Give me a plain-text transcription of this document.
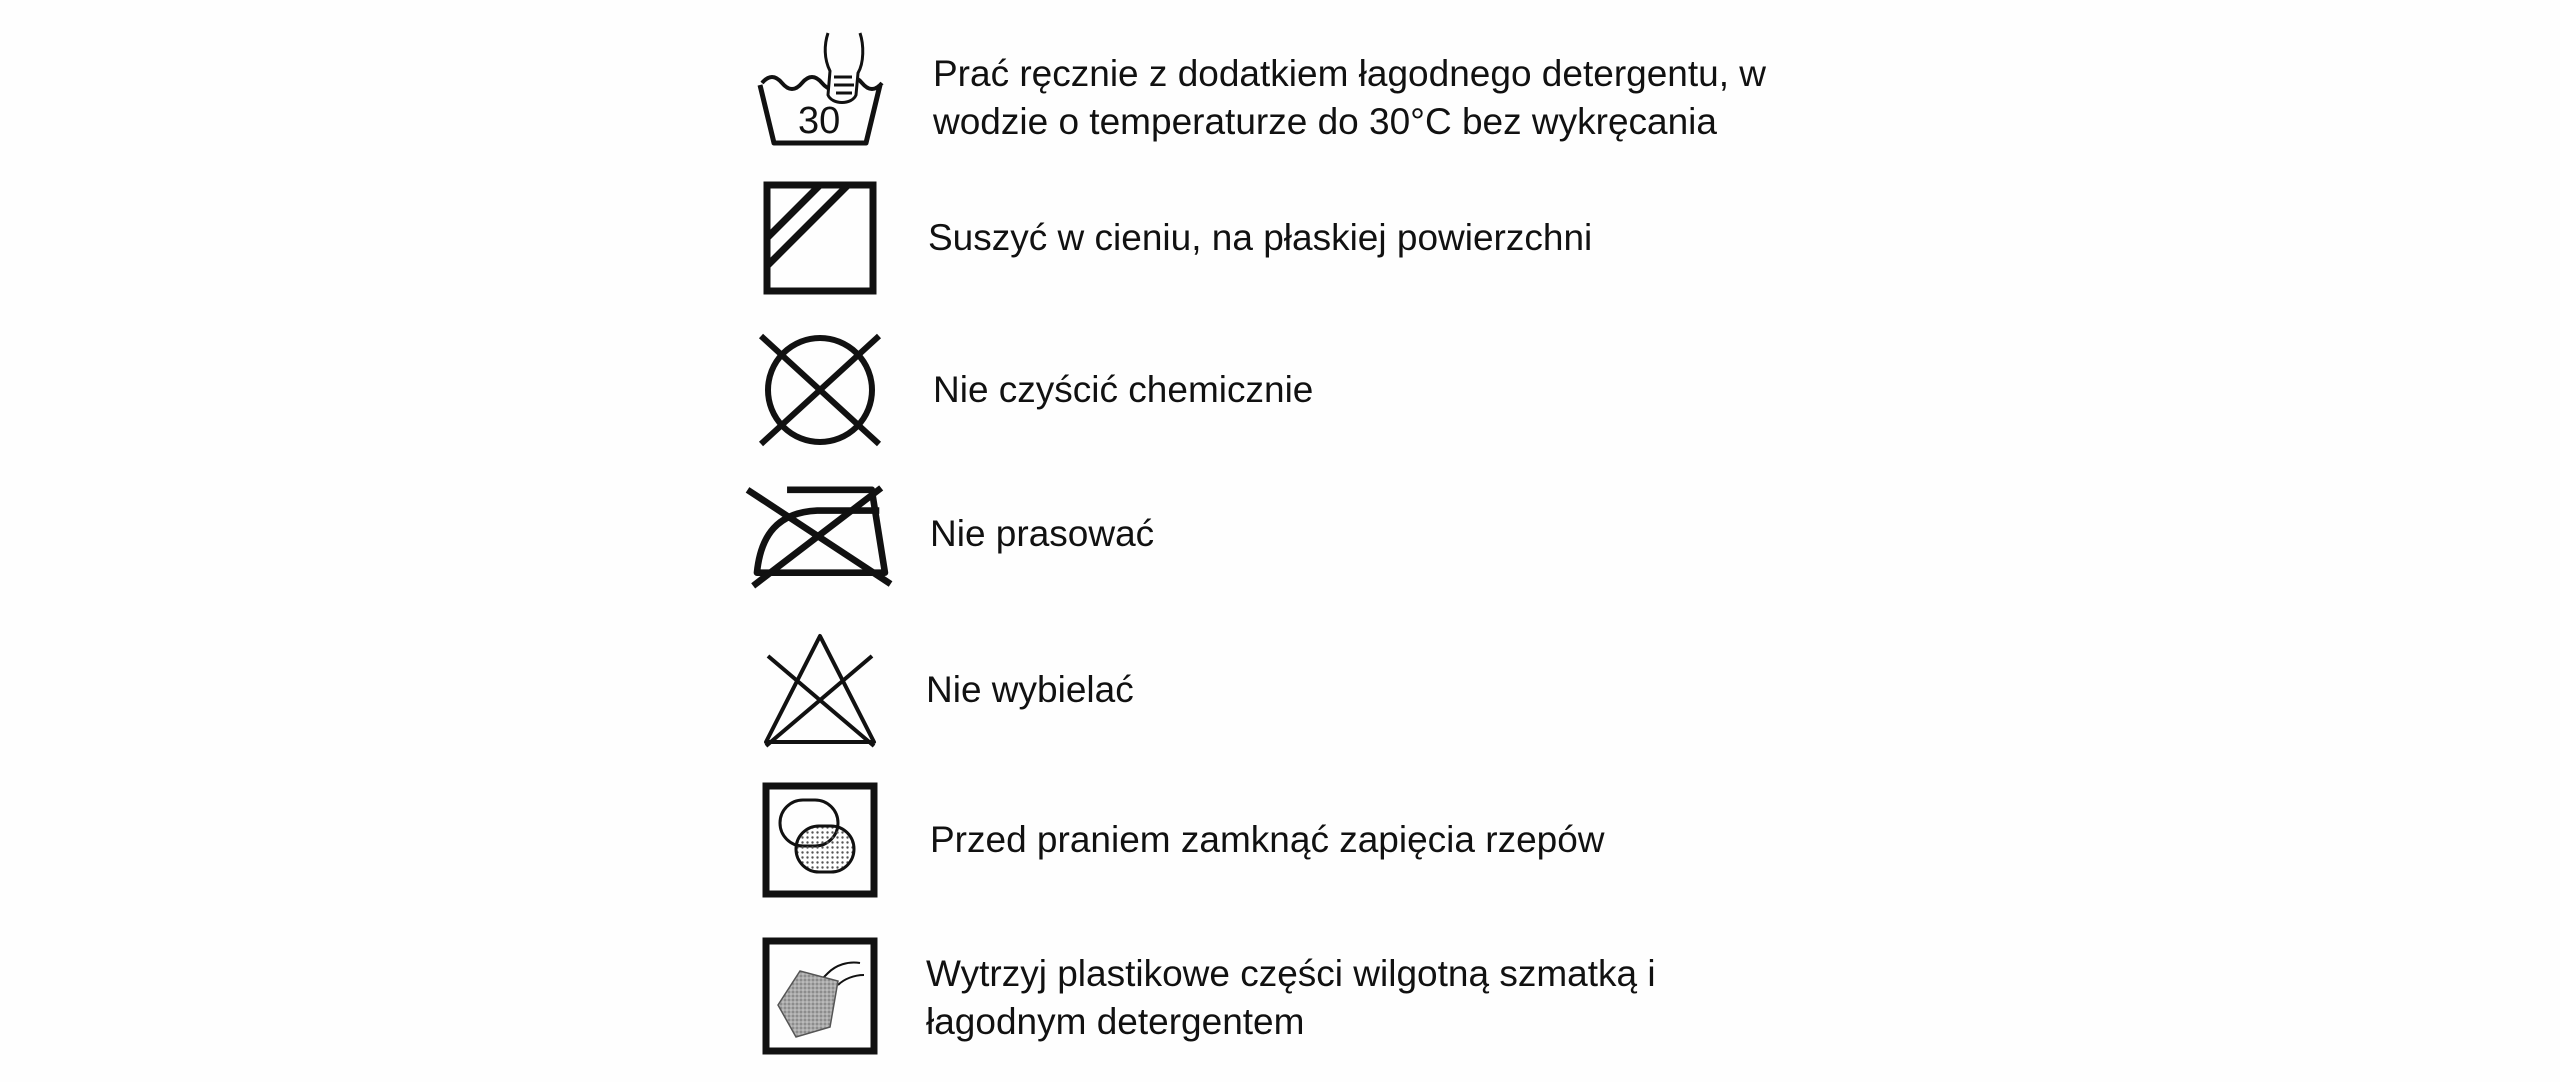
30
Prać ręcznie z dodatkiem łagodnego detergentu, w
wodzie o temperaturze do 30°C bez wykręcania
Suszyć w cieniu, na płaskiej powierzchni
Nie czyścić chemicznie
Nie prasować
Nie wybielać
Przed praniem zamknąć zapięcia rzepów
Wytrzyj plastikowe części wilgotną szmatką i
łagodnym detergentem
